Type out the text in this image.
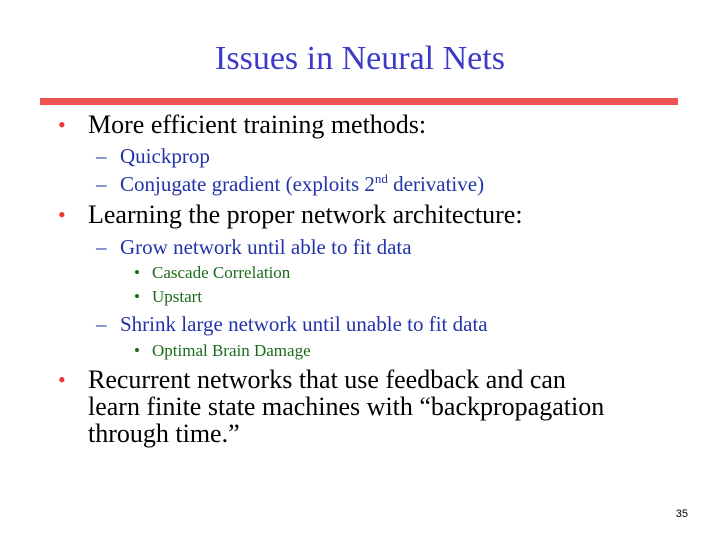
Issues in Neural Nets
• More efficient training methods:
– Quickprop
– Conjugate gradient (exploits 2nd derivative)
• Learning the proper network architecture:
– Grow network until able to fit data
• Cascade Correlation
• Upstart
– Shrink large network until unable to fit data
• Optimal Brain Damage
• Recurrent networks that use feedback and can
learn finite state machines with “backpropagation
through time.”
35
